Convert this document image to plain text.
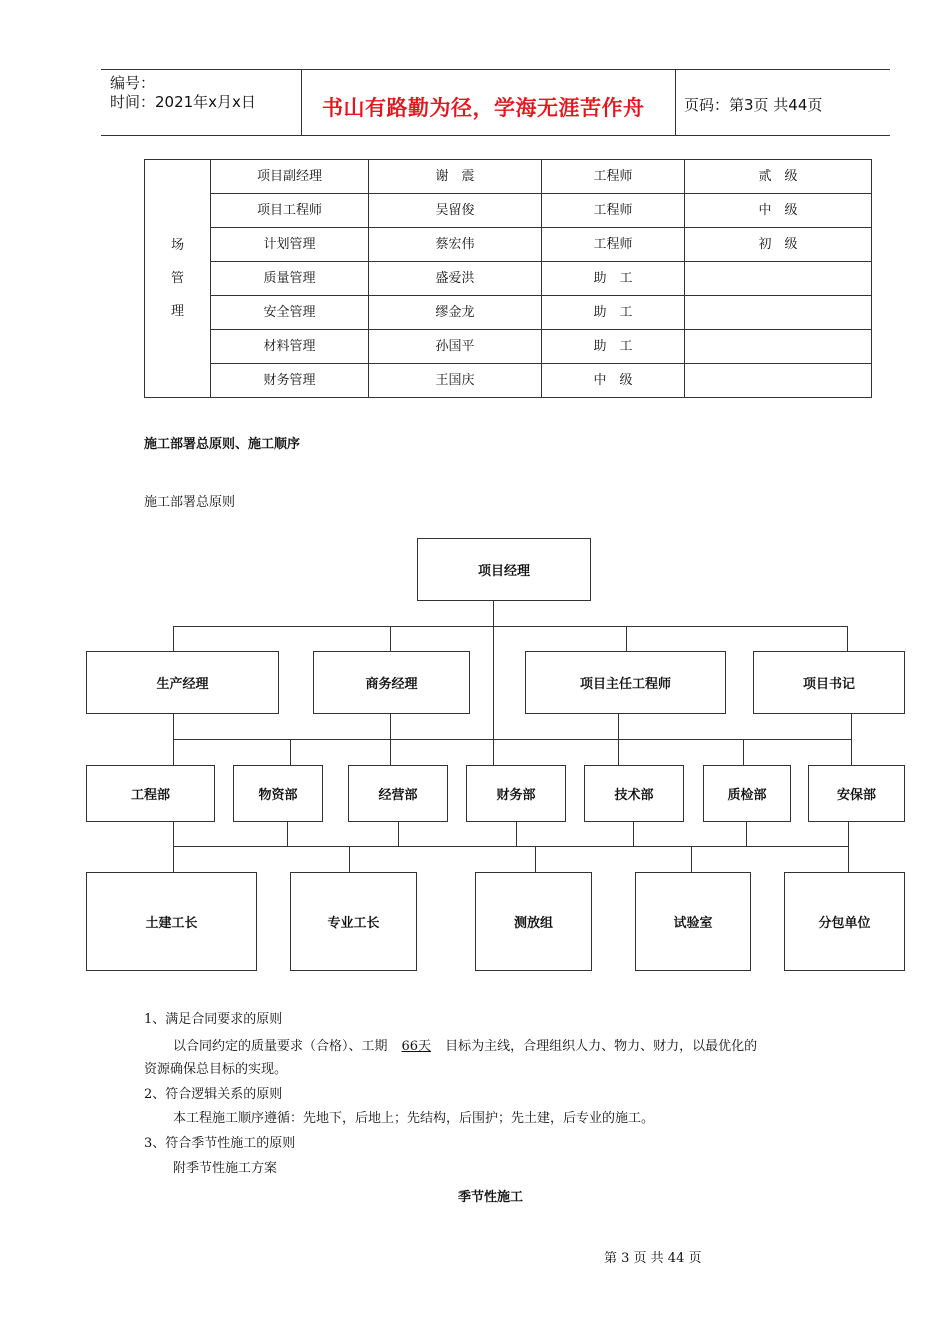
编号：
时间：2021年x月x日	书山有路勤为径，学海无涯苦作舟	页码：第3页 共44页
场
管
理	项目副经理	谢　震	工程师	贰　级
	项目工程师	吴留俊	工程师	中　级
	计划管理	蔡宏伟	工程师	初　级
	质量管理	盛爱洪	助　工	
	安全管理	缪金龙	助　工	
	材料管理	孙国平	助　工	
	财务管理	王国庆	中　级	
施工部署总原则、施工顺序
施工部署总原则
项目经理
生产经理	商务经理	项目主任工程师	项目书记
工程部	物资部	经营部	财务部	技术部	质检部	安保部
土建工长	专业工长	测放组	试验室	分包单位
1、满足合同要求的原则
以合同约定的质量要求（合格）、工期 66天 目标为主线，合理组织人力、物力、财力，以最优化的
资源确保总目标的实现。
2、符合逻辑关系的原则
本工程施工顺序遵循：先地下，后地上；先结构，后围护；先土建，后专业的施工。
3、符合季节性施工的原则
附季节性施工方案
季节性施工
第 3 页 共 44 页
